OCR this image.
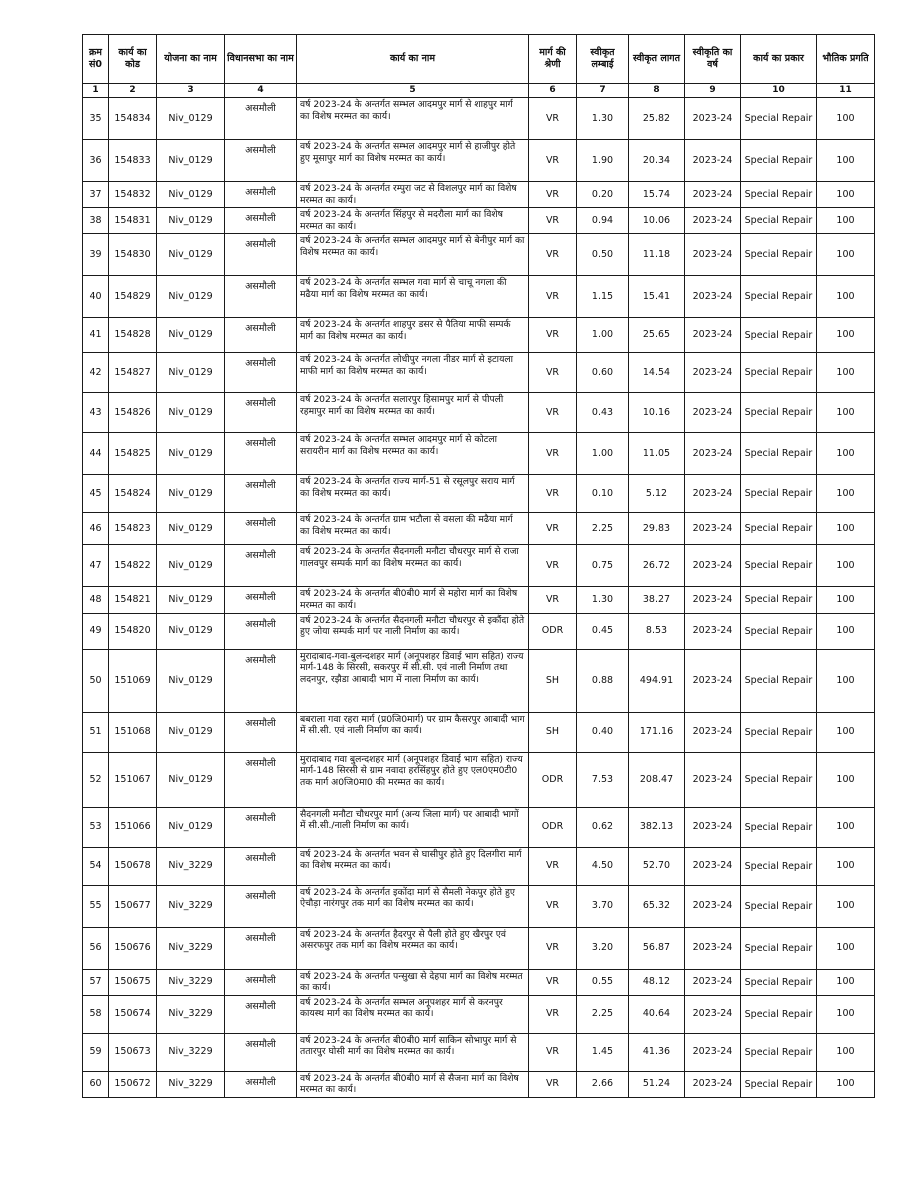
क्रम सं0	कार्य का कोड	योजना का नाम	विधानसभा का नाम	कार्य का नाम	मार्ग की श्रेणी	स्वीकृत लम्बाई	स्वीकृत लागत	स्वीकृति का वर्ष	कार्य का प्रकार	भौतिक प्रगति
1	2	3	4	5	6	7	8	9	10	11
35	154834	Niv_0129	असमौली	वर्ष 2023-24 के अन्तर्गत सम्भल आदमपुर मार्ग से शाहपुर मार्ग का विशेष मरम्मत का कार्य।	VR	1.30	25.82	2023-24	Special Repair	100
36	154833	Niv_0129	असमौली	वर्ष 2023-24 के अन्तर्गत सम्भल आदमपुर मार्ग से हाजीपुर होते हुए मूसापुर मार्ग का विशेष मरम्मत का कार्य।	VR	1.90	20.34	2023-24	Special Repair	100
37	154832	Niv_0129	असमौली	वर्ष 2023-24 के अन्तर्गत रम्पुरा जट से विशलपुर मार्ग का विशेष मरम्मत का कार्य।	VR	0.20	15.74	2023-24	Special Repair	100
38	154831	Niv_0129	असमौली	वर्ष 2023-24 के अन्तर्गत सिंहपुर से मदरौला मार्ग का विशेष मरम्मत का कार्य।	VR	0.94	10.06	2023-24	Special Repair	100
39	154830	Niv_0129	असमौली	वर्ष 2023-24 के अन्तर्गत सम्भल आदमपुर मार्ग से बेनीपुर मार्ग का विशेष मरम्मत का कार्य।	VR	0.50	11.18	2023-24	Special Repair	100
40	154829	Niv_0129	असमौली	वर्ष 2023-24 के अन्तर्गत सम्भल गवा मार्ग से चाचू नगला की मढैया मार्ग का विशेष मरम्मत का कार्य।	VR	1.15	15.41	2023-24	Special Repair	100
41	154828	Niv_0129	असमौली	वर्ष 2023-24 के अन्तर्गत शाहपुर डसर से पैतिया माफी सम्पर्क मार्ग का विशेष मरम्मत का कार्य।	VR	1.00	25.65	2023-24	Special Repair	100
42	154827	Niv_0129	असमौली	वर्ष 2023-24 के अन्तर्गत लोधीपुर नगला नीडर मार्ग से इटायला माफी मार्ग का विशेष मरम्मत का कार्य।	VR	0.60	14.54	2023-24	Special Repair	100
43	154826	Niv_0129	असमौली	वर्ष 2023-24 के अन्तर्गत सलारपुर हिसामपुर मार्ग से पीपली रहमापुर मार्ग का विशेष मरम्मत का कार्य।	VR	0.43	10.16	2023-24	Special Repair	100
44	154825	Niv_0129	असमौली	वर्ष 2023-24 के अन्तर्गत सम्भल आदमपुर मार्ग से कोटला सरायरीन मार्ग का विशेष मरम्मत का कार्य।	VR	1.00	11.05	2023-24	Special Repair	100
45	154824	Niv_0129	असमौली	वर्ष 2023-24 के अन्तर्गत राज्य मार्ग-51 से रसूलपुर सराय मार्ग का विशेष मरम्मत का कार्य।	VR	0.10	5.12	2023-24	Special Repair	100
46	154823	Niv_0129	असमौली	वर्ष 2023-24 के अन्तर्गत ग्राम भटौला से वसला की मढैया मार्ग का विशेष मरम्मत का कार्य।	VR	2.25	29.83	2023-24	Special Repair	100
47	154822	Niv_0129	असमौली	वर्ष 2023-24 के अन्तर्गत सैदनगली मनौटा चौधरपुर मार्ग से राजा गालवपुर सम्पर्क मार्ग का विशेष मरम्मत का कार्य।	VR	0.75	26.72	2023-24	Special Repair	100
48	154821	Niv_0129	असमौली	वर्ष 2023-24 के अन्तर्गत बी0बी0 मार्ग से महोरा मार्ग का विशेष मरम्मत का कार्य।	VR	1.30	38.27	2023-24	Special Repair	100
49	154820	Niv_0129	असमौली	वर्ष 2023-24 के अन्तर्गत सैदनगली मनौटा चौधरपुर से इकौंदा होते हुए जोया सम्पर्क मार्ग पर नाली निर्माण का कार्य।	ODR	0.45	8.53	2023-24	Special Repair	100
50	151069	Niv_0129	असमौली	मुरादाबाद-गवा-बुलन्दशहर मार्ग (अनूपशहर डिवाई भाग सहित) राज्य मार्ग-148 के सिरसी, सकरपुर में सी.सी. एवं नाली निर्माण तथा लदनपुर, रझैडा आबादी भाग में नाला निर्माण का कार्य।	SH	0.88	494.91	2023-24	Special Repair	100
51	151068	Niv_0129	असमौली	बबराला गवा रहरा मार्ग (प्र0जि0मार्ग) पर ग्राम कैसरपुर आबादी भाग में सी.सी. एवं नाली निर्माण का कार्य।	SH	0.40	171.16	2023-24	Special Repair	100
52	151067	Niv_0129	असमौली	मुरादाबाद गवा बुलन्दशहर मार्ग (अनूपशहर डिवाई भाग सहित) राज्य मार्ग-148 सिरसी से ग्राम नवादा हरसिंहपुर होते हुए एल0एम0टी0 तक मार्ग अ0जि0मा0 की मरम्मत का कार्य।	ODR	7.53	208.47	2023-24	Special Repair	100
53	151066	Niv_0129	असमौली	सैदनगली मनौटा चौधरपुर मार्ग (अन्य जिला मार्ग) पर आबादी भागों में सी.सी./नाली निर्माण का कार्य।	ODR	0.62	382.13	2023-24	Special Repair	100
54	150678	Niv_3229	असमौली	वर्ष 2023-24 के अन्तर्गत भवन से घासीपुर होते हुए दिलगीरा मार्ग का विशेष मरम्मत का कार्य।	VR	4.50	52.70	2023-24	Special Repair	100
55	150677	Niv_3229	असमौली	वर्ष 2023-24 के अन्तर्गत इकोंदा मार्ग से सैमली नेकपुर होते हुए ऐचौड़ा नारंगपुर तक मार्ग का विशेष मरम्मत का कार्य।	VR	3.70	65.32	2023-24	Special Repair	100
56	150676	Niv_3229	असमौली	वर्ष 2023-24 के अन्तर्गत हैदरपुर से पैली होते हुए खैरपुर एवं असरफपुर तक मार्ग का विशेष मरम्मत का कार्य।	VR	3.20	56.87	2023-24	Special Repair	100
57	150675	Niv_3229	असमौली	वर्ष 2023-24 के अन्तर्गत पन्सुखा से देहपा मार्ग का विशेष मरम्मत का कार्य।	VR	0.55	48.12	2023-24	Special Repair	100
58	150674	Niv_3229	असमौली	वर्ष 2023-24 के अन्तर्गत सम्भल अनूपशहर मार्ग से करनपुर कायस्थ मार्ग का विशेष मरम्मत का कार्य।	VR	2.25	40.64	2023-24	Special Repair	100
59	150673	Niv_3229	असमौली	वर्ष 2023-24 के अन्तर्गत बी0बी0 मार्ग साकिन सोभापुर मार्ग से ततारपुर घोसी मार्ग का विशेष मरम्मत का कार्य।	VR	1.45	41.36	2023-24	Special Repair	100
60	150672	Niv_3229	असमौली	वर्ष 2023-24 के अन्तर्गत बी0बी0 मार्ग से सैजना मार्ग का विशेष मरम्मत का कार्य।	VR	2.66	51.24	2023-24	Special Repair	100
